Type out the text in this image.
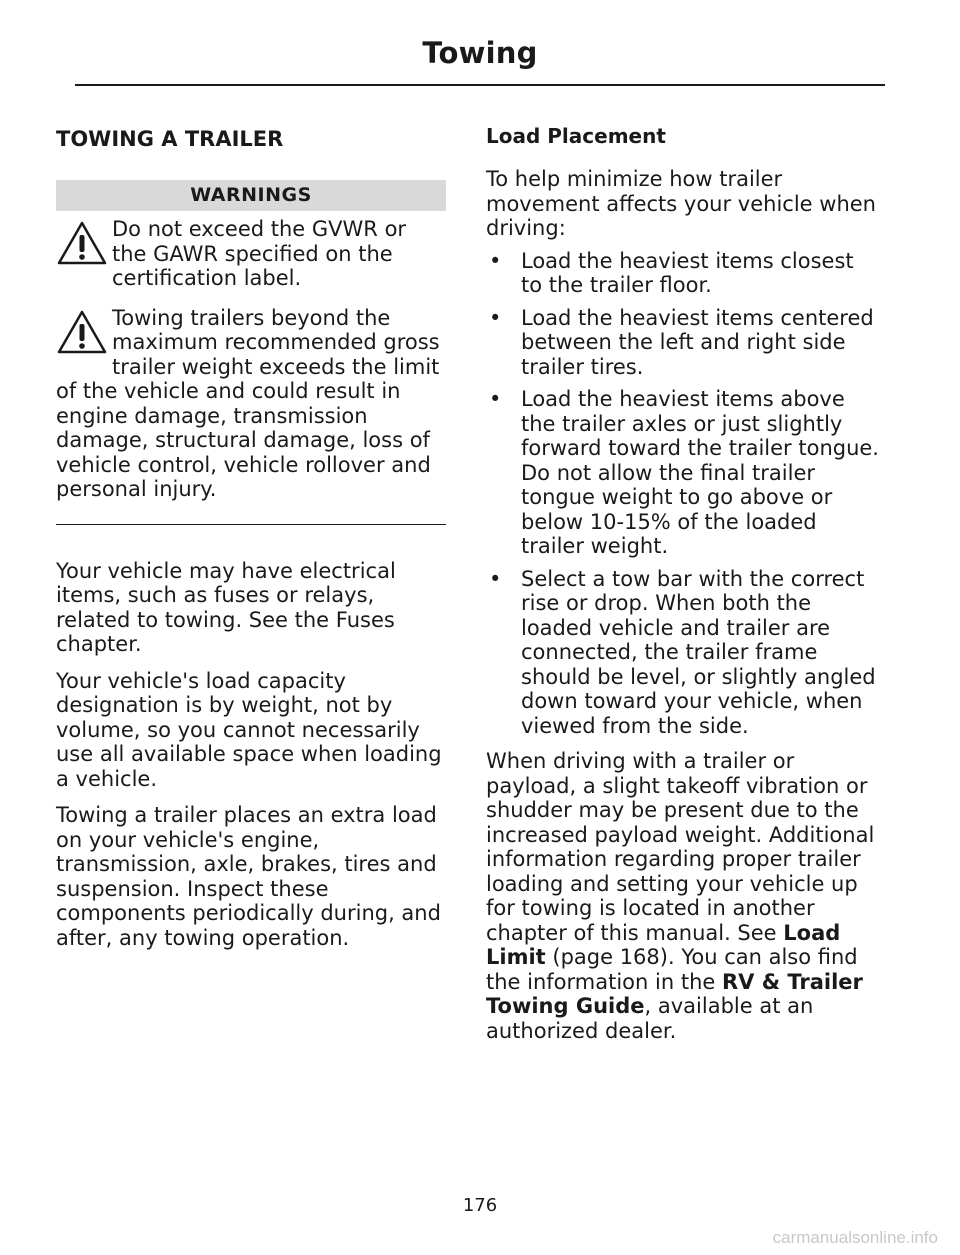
Towing
TOWING A TRAILER
WARNINGS
Do not exceed the GVWR or the GAWR specified on the certification label.
Towing trailers beyond the maximum recommended gross trailer weight exceeds the limit of the vehicle and could result in engine damage, transmission damage, structural damage, loss of vehicle control, vehicle rollover and personal injury.

Your vehicle may have electrical items, such as fuses or relays, related to towing. See the Fuses chapter.

Your vehicle's load capacity designation is by weight, not by volume, so you cannot necessarily use all available space when loading a vehicle.

Towing a trailer places an extra load on your vehicle's engine, transmission, axle, brakes, tires and suspension. Inspect these components periodically during, and after, any towing operation.

Load Placement

To help minimize how trailer movement affects your vehicle when driving:

• Load the heaviest items closest to the trailer floor.
• Load the heaviest items centered between the left and right side trailer tires.
• Load the heaviest items above the trailer axles or just slightly forward toward the trailer tongue. Do not allow the final trailer tongue weight to go above or below 10-15% of the loaded trailer weight.
• Select a tow bar with the correct rise or drop. When both the loaded vehicle and trailer are connected, the trailer frame should be level, or slightly angled down toward your vehicle, when viewed from the side.

When driving with a trailer or payload, a slight takeoff vibration or shudder may be present due to the increased payload weight. Additional information regarding proper trailer loading and setting your vehicle up for towing is located in another chapter of this manual. See Load Limit (page 168). You can also find the information in the RV & Trailer Towing Guide, available at an authorized dealer.

176
carmanualsonline.info
